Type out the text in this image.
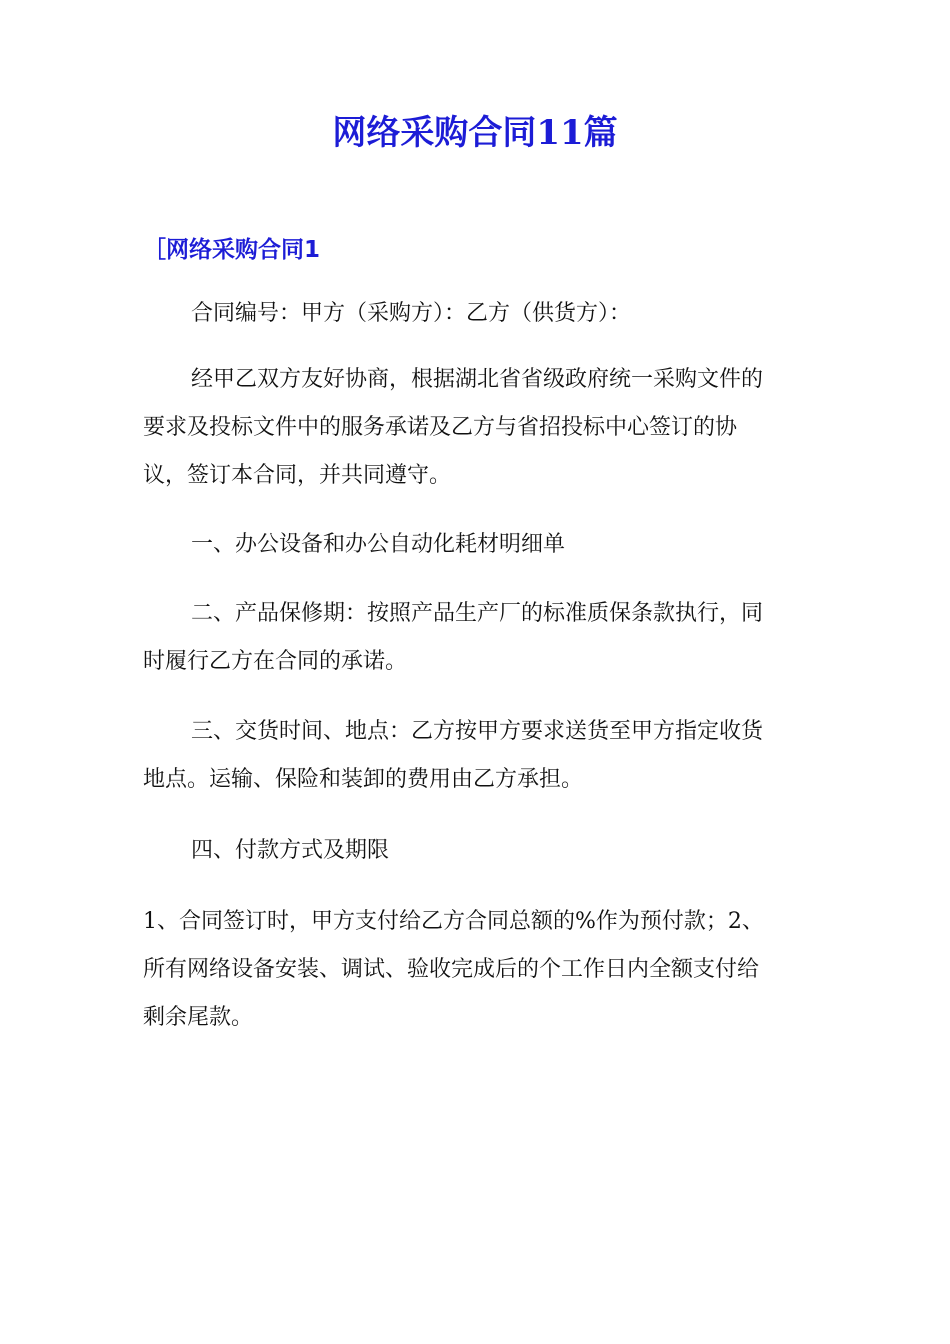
网络采购合同11篇
［网络采购合同1
合同编号：甲方（采购方）：乙方（供货方）：
经甲乙双方友好协商，根据湖北省省级政府统一采购文件的
要求及投标文件中的服务承诺及乙方与省招投标中心签订的协
议，签订本合同，并共同遵守。
一、办公设备和办公自动化耗材明细单
二、产品保修期：按照产品生产厂的标准质保条款执行，同
时履行乙方在合同的承诺。
三、交货时间、地点：乙方按甲方要求送货至甲方指定收货
地点。运输、保险和装卸的费用由乙方承担。
四、付款方式及期限
1、合同签订时，甲方支付给乙方合同总额的%作为预付款；2、
所有网络设备安装、调试、验收完成后的个工作日内全额支付给
剩余尾款。
